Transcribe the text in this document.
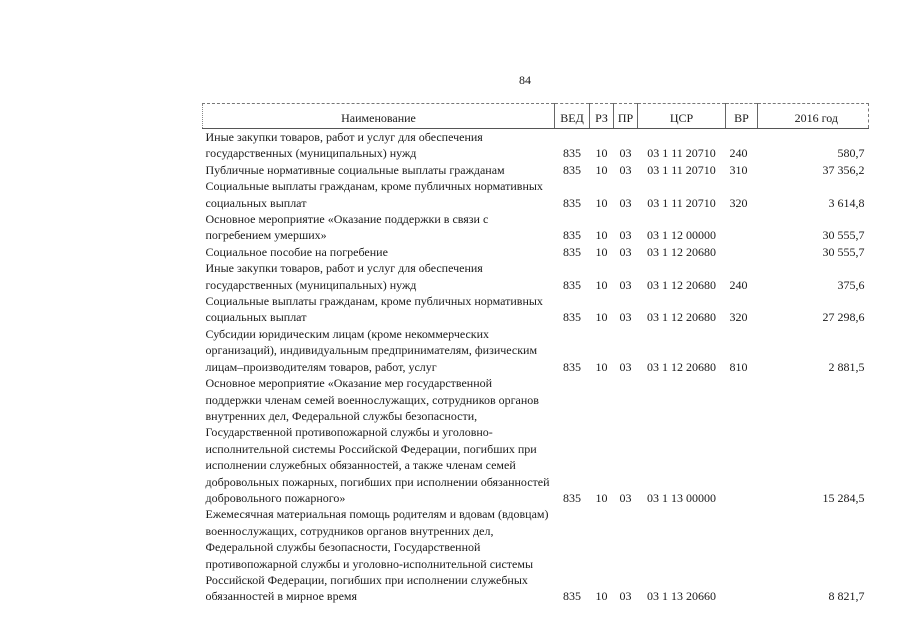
84
Наименование	ВЕД	РЗ	ПР	ЦСР	ВР	2016 год
Иные закупки товаров, работ и услуг для обеспечения государственных (муниципальных) нужд	835	10	03	03 1 11 20710	240	580,7
Публичные нормативные социальные выплаты гражданам	835	10	03	03 1 11 20710	310	37 356,2
Социальные выплаты гражданам, кроме публичных нормативных социальных выплат	835	10	03	03 1 11 20710	320	3 614,8
Основное мероприятие «Оказание поддержки в связи с погребением умерших»	835	10	03	03 1 12 00000		30 555,7
Социальное пособие на погребение	835	10	03	03 1 12 20680		30 555,7
Иные закупки товаров, работ и услуг для обеспечения государственных (муниципальных) нужд	835	10	03	03 1 12 20680	240	375,6
Социальные выплаты гражданам, кроме публичных нормативных социальных выплат	835	10	03	03 1 12 20680	320	27 298,6
Субсидии юридическим лицам (кроме некоммерческих организаций), индивидуальным предпринимателям, физическим лицам–производителям товаров, работ, услуг	835	10	03	03 1 12 20680	810	2 881,5
Основное мероприятие «Оказание мер государственной поддержки членам семей военнослужащих, сотрудников органов внутренних дел, Федеральной службы безопасности, Государственной противопожарной службы и уголовно-исполнительной системы Российской Федерации, погибших при исполнении служебных обязанностей, а также членам семей добровольных пожарных, погибших при исполнении обязанностей добровольного пожарного»	835	10	03	03 1 13 00000		15 284,5
Ежемесячная материальная помощь родителям и вдовам (вдовцам) военнослужащих, сотрудников органов внутренних дел, Федеральной службы безопасности, Государственной противопожарной службы и уголовно-исполнительной системы Российской Федерации, погибших при исполнении служебных обязанностей в мирное время	835	10	03	03 1 13 20660		8 821,7
